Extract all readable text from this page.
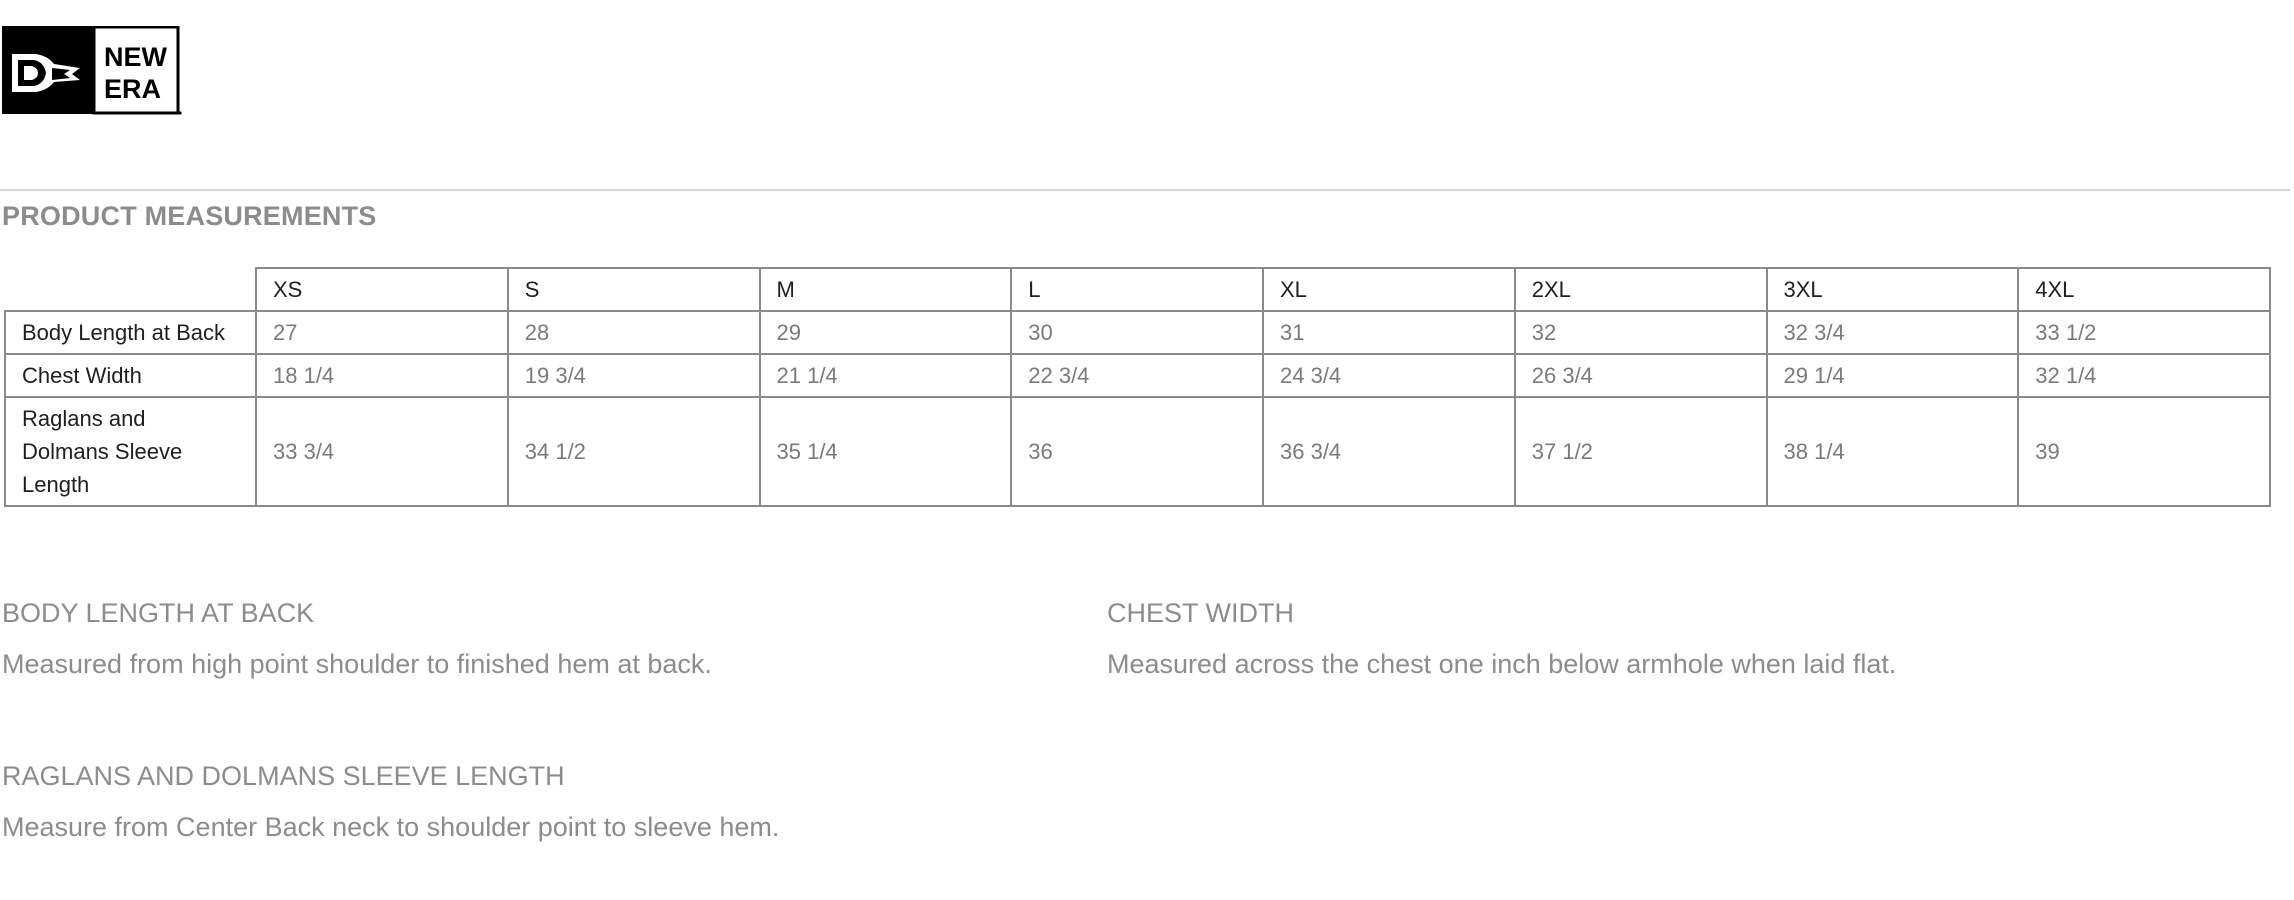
NEW
ERA
PRODUCT MEASUREMENTS
	XS	S	M	L	XL	2XL	3XL	4XL
Body Length at Back	27	28	29	30	31	32	32 3/4	33 1/2
Chest Width	18 1/4	19 3/4	21 1/4	22 3/4	24 3/4	26 3/4	29 1/4	32 1/4
Raglans and Dolmans Sleeve Length	33 3/4	34 1/2	35 1/4	36	36 3/4	37 1/2	38 1/4	39

BODY LENGTH AT BACK

Measured from high point shoulder to finished hem at back.

CHEST WIDTH

Measured across the chest one inch below armhole when laid flat.

RAGLANS AND DOLMANS SLEEVE LENGTH

Measure from Center Back neck to shoulder point to sleeve hem.
